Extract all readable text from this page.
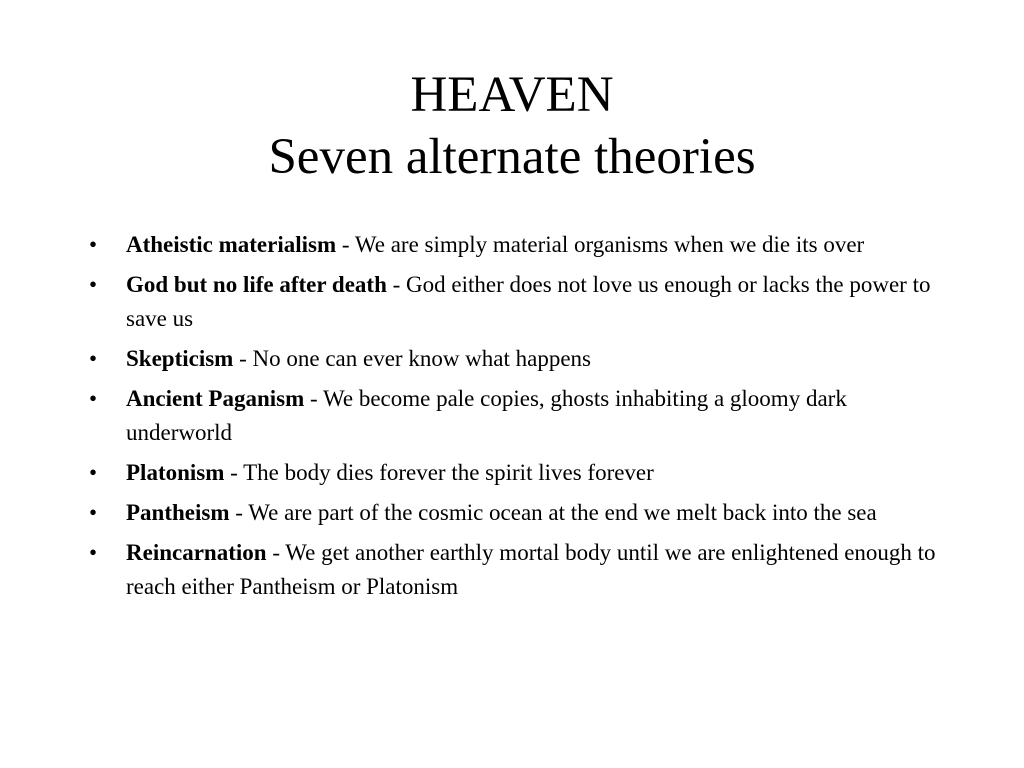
HEAVEN
Seven alternate theories
• Atheistic materialism - We are simply material organisms when we die its over
• God but no life after death - God either does not love us enough or lacks the power to save us
• Skepticism - No one can ever know what happens
• Ancient Paganism - We become pale copies, ghosts inhabiting a gloomy dark underworld
• Platonism - The body dies forever the spirit lives forever
• Pantheism - We are part of the cosmic ocean at the end we melt back into the sea
• Reincarnation - We get another earthly mortal body until we are enlightened enough to reach either Pantheism or Platonism
